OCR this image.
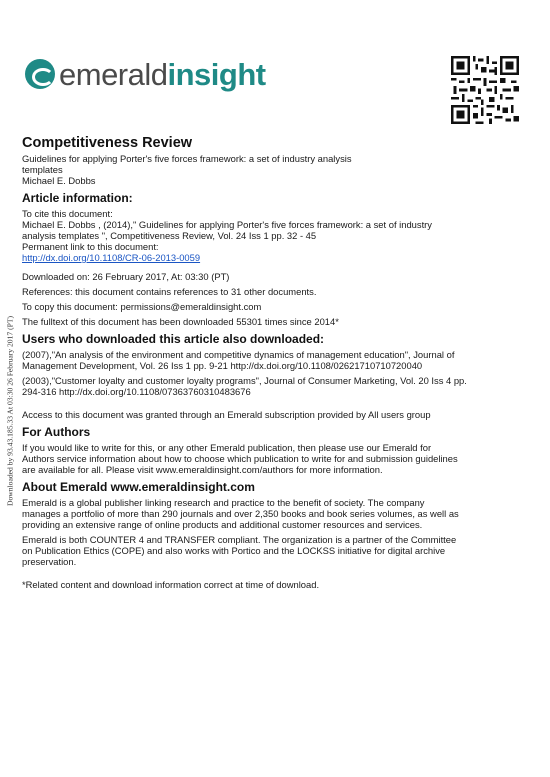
emeraldinsight
Downloaded by 93.43.185.33 At 03:30 26 February 2017 (PT)
Competitiveness Review

Guidelines for applying Porter's five forces framework: a set of industry analysis

templates

Michael E. Dobbs

Article information:

To cite this document:

Michael E. Dobbs , (2014)," Guidelines for applying Porter's five forces framework: a set of industry

analysis templates ", Competitiveness Review, Vol. 24 Iss 1 pp. 32 - 45

Permanent link to this document:

http://dx.doi.org/10.1108/CR-06-2013-0059

Downloaded on: 26 February 2017, At: 03:30 (PT)

References: this document contains references to 31 other documents.

To copy this document: permissions@emeraldinsight.com

The fulltext of this document has been downloaded 55301 times since 2014*

Users who downloaded this article also downloaded:

(2007),"An analysis of the environment and competitive dynamics of management education", Journal of

Management Development, Vol. 26 Iss 1 pp. 9-21 http://dx.doi.org/10.1108/02621710710720040

(2003),"Customer loyalty and customer loyalty programs", Journal of Consumer Marketing, Vol. 20 Iss 4 pp.

294-316 http://dx.doi.org/10.1108/07363760310483676

Access to this document was granted through an Emerald subscription provided by All users group

For Authors

If you would like to write for this, or any other Emerald publication, then please use our Emerald for

Authors service information about how to choose which publication to write for and submission guidelines

are available for all. Please visit www.emeraldinsight.com/authors for more information.

About Emerald www.emeraldinsight.com

Emerald is a global publisher linking research and practice to the benefit of society. The company

manages a portfolio of more than 290 journals and over 2,350 books and book series volumes, as well as

providing an extensive range of online products and additional customer resources and services.

Emerald is both COUNTER 4 and TRANSFER compliant. The organization is a partner of the Committee

on Publication Ethics (COPE) and also works with Portico and the LOCKSS initiative for digital archive

preservation.

*Related content and download information correct at time of download.
